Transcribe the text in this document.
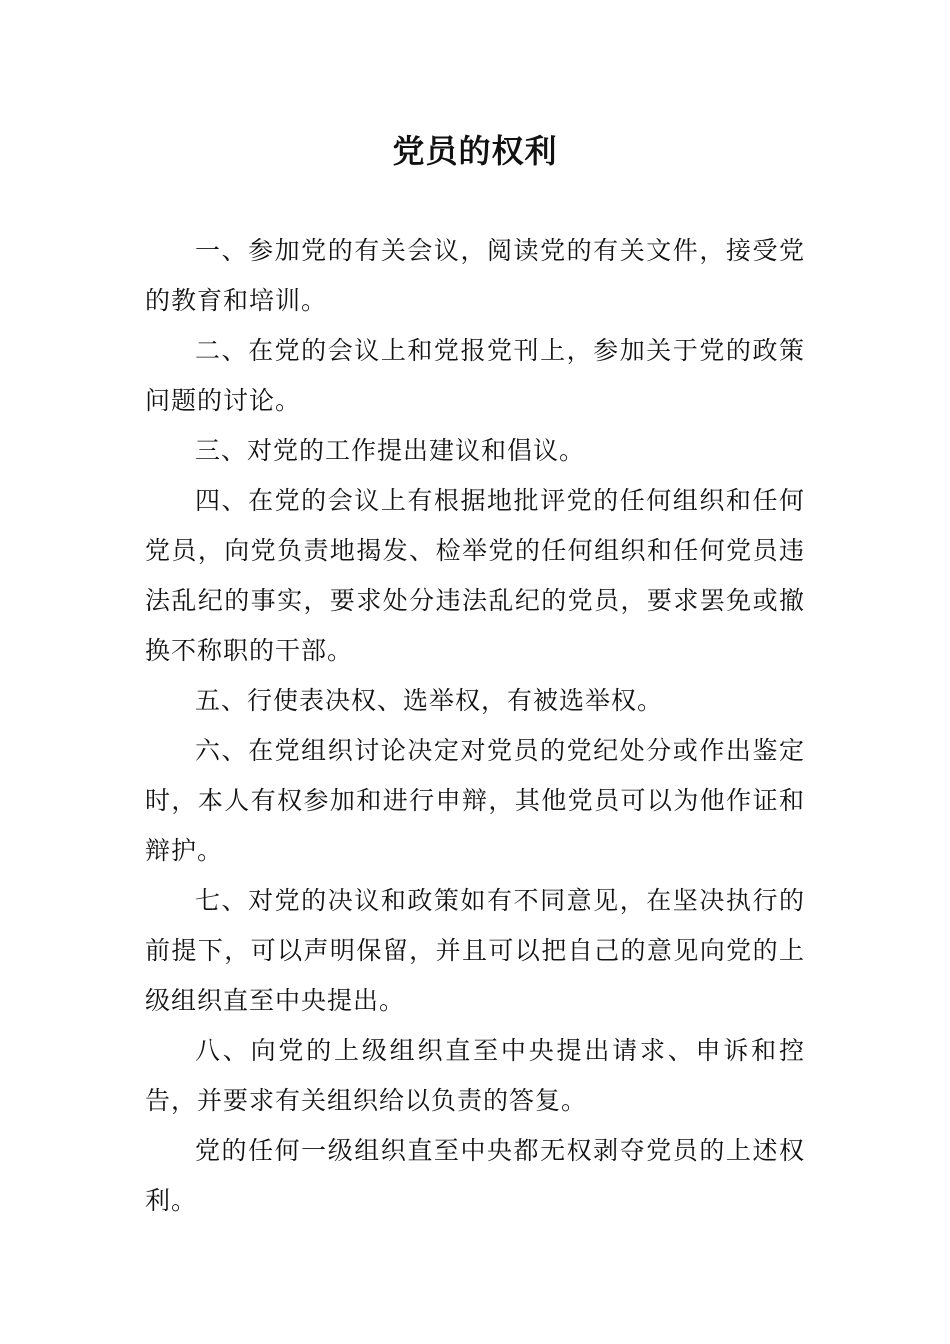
党员的权利

一、参加党的有关会议，阅读党的有关文件，接受党的教育和培训。

二、在党的会议上和党报党刊上，参加关于党的政策问题的讨论。

三、对党的工作提出建议和倡议。

四、在党的会议上有根据地批评党的任何组织和任何党员，向党负责地揭发、检举党的任何组织和任何党员违法乱纪的事实，要求处分违法乱纪的党员，要求罢免或撤换不称职的干部。

五、行使表决权、选举权，有被选举权。

六、在党组织讨论决定对党员的党纪处分或作出鉴定时，本人有权参加和进行申辩，其他党员可以为他作证和辩护。

七、对党的决议和政策如有不同意见，在坚决执行的前提下，可以声明保留，并且可以把自己的意见向党的上级组织直至中央提出。

八、向党的上级组织直至中央提出请求、申诉和控告，并要求有关组织给以负责的答复。

党的任何一级组织直至中央都无权剥夺党员的上述权利。
